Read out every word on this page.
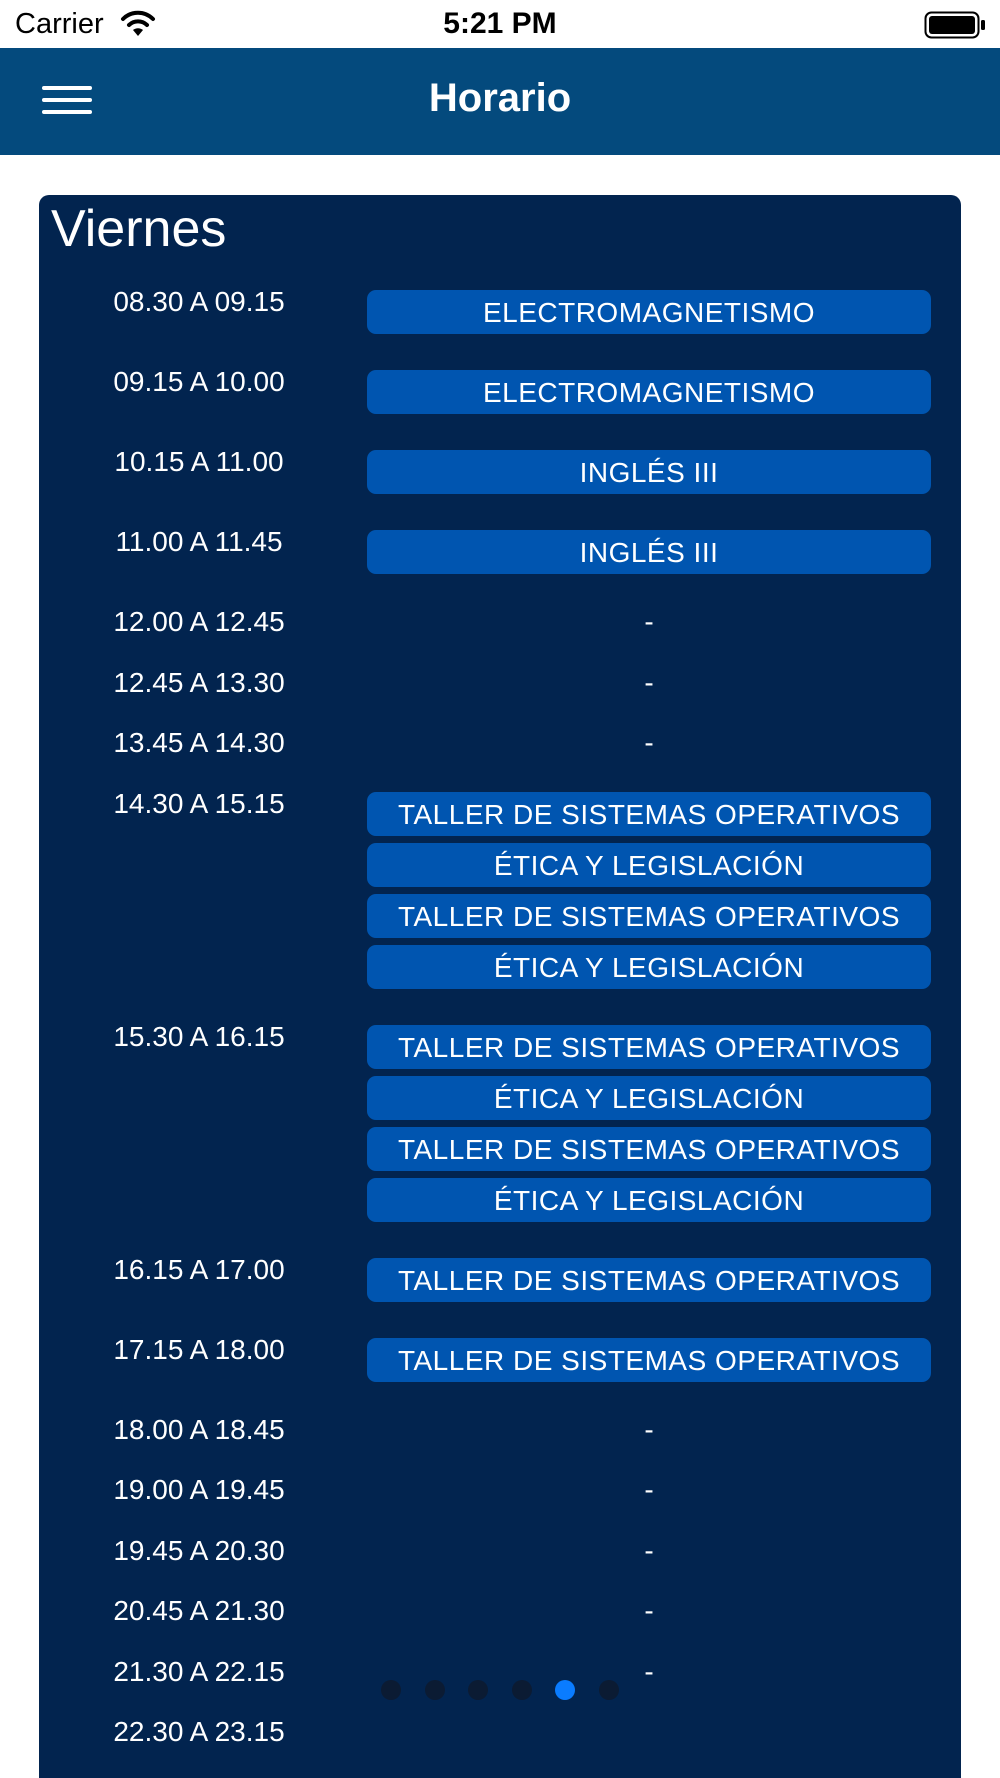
Carrier	5:21 PM
Horario
Viernes
08.30 A 09.15	ELECTROMAGNETISMO
09.15 A 10.00	ELECTROMAGNETISMO
10.15 A 11.00	INGLÉS III
11.00 A 11.45	INGLÉS III
12.00 A 12.45	-
12.45 A 13.30	-
13.45 A 14.30	-
14.30 A 15.15	TALLER DE SISTEMAS OPERATIVOS
ÉTICA Y LEGISLACIÓN
TALLER DE SISTEMAS OPERATIVOS
ÉTICA Y LEGISLACIÓN
15.30 A 16.15	TALLER DE SISTEMAS OPERATIVOS
ÉTICA Y LEGISLACIÓN
TALLER DE SISTEMAS OPERATIVOS
ÉTICA Y LEGISLACIÓN
16.15 A 17.00	TALLER DE SISTEMAS OPERATIVOS
17.15 A 18.00	TALLER DE SISTEMAS OPERATIVOS
18.00 A 18.45	-
19.00 A 19.45	-
19.45 A 20.30	-
20.45 A 21.30	-
21.30 A 22.15	-
22.30 A 23.15
